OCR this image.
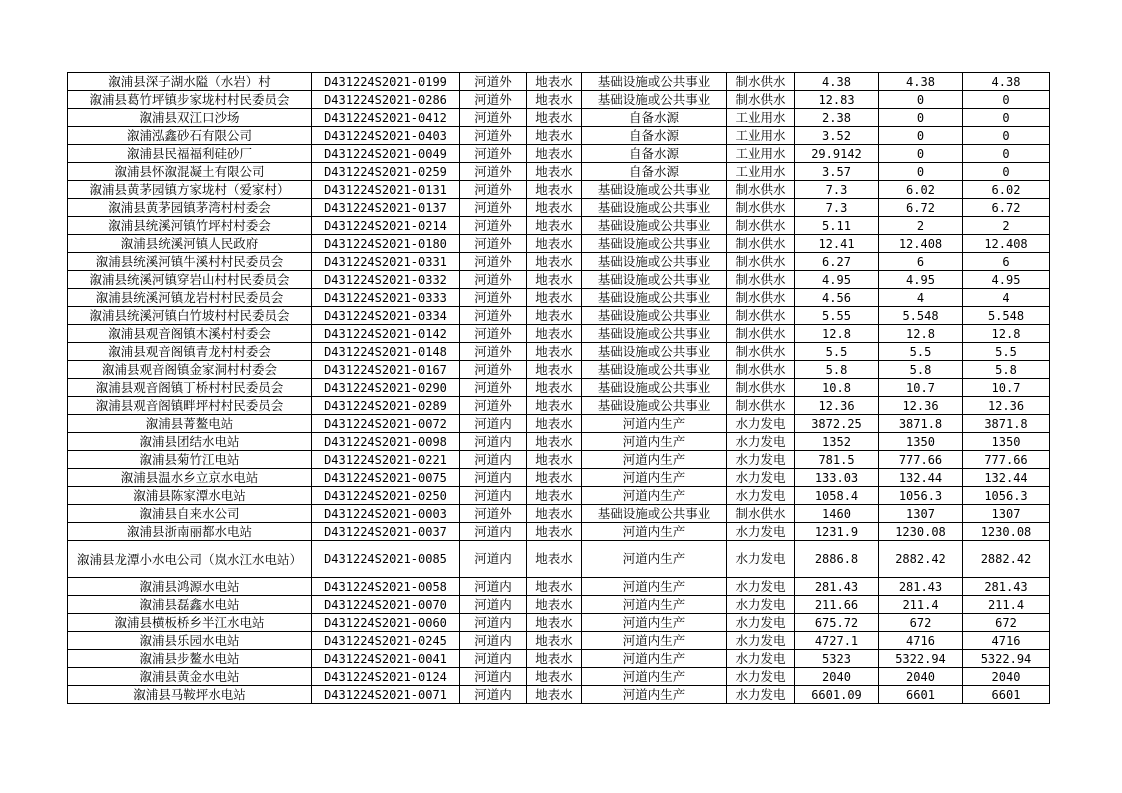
溆浦县深子湖水隘（水岩）村	D431224S2021-0199	河道外	地表水	基础设施或公共事业	制水供水	4.38	4.38	4.38
溆浦县葛竹坪镇步家垅村村民委员会	D431224S2021-0286	河道外	地表水	基础设施或公共事业	制水供水	12.83	0	0
溆浦县双江口沙场	D431224S2021-0412	河道外	地表水	自备水源	工业用水	2.38	0	0
溆浦泓鑫砂石有限公司	D431224S2021-0403	河道外	地表水	自备水源	工业用水	3.52	0	0
溆浦县民福福利硅砂厂	D431224S2021-0049	河道外	地表水	自备水源	工业用水	29.9142	0	0
溆浦县怀溆混凝土有限公司	D431224S2021-0259	河道外	地表水	自备水源	工业用水	3.57	0	0
溆浦县黄茅园镇方家垅村（爱家村）	D431224S2021-0131	河道外	地表水	基础设施或公共事业	制水供水	7.3	6.02	6.02
溆浦县黄茅园镇茅湾村村委会	D431224S2021-0137	河道外	地表水	基础设施或公共事业	制水供水	7.3	6.72	6.72
溆浦县统溪河镇竹坪村村委会	D431224S2021-0214	河道外	地表水	基础设施或公共事业	制水供水	5.11	2	2
溆浦县统溪河镇人民政府	D431224S2021-0180	河道外	地表水	基础设施或公共事业	制水供水	12.41	12.408	12.408
溆浦县统溪河镇牛溪村村民委员会	D431224S2021-0331	河道外	地表水	基础设施或公共事业	制水供水	6.27	6	6
溆浦县统溪河镇穿岩山村村民委员会	D431224S2021-0332	河道外	地表水	基础设施或公共事业	制水供水	4.95	4.95	4.95
溆浦县统溪河镇龙岩村村民委员会	D431224S2021-0333	河道外	地表水	基础设施或公共事业	制水供水	4.56	4	4
溆浦县统溪河镇白竹坡村村民委员会	D431224S2021-0334	河道外	地表水	基础设施或公共事业	制水供水	5.55	5.548	5.548
溆浦县观音阁镇木溪村村委会	D431224S2021-0142	河道外	地表水	基础设施或公共事业	制水供水	12.8	12.8	12.8
溆浦县观音阁镇青龙村村委会	D431224S2021-0148	河道外	地表水	基础设施或公共事业	制水供水	5.5	5.5	5.5
溆浦县观音阁镇金家洞村村委会	D431224S2021-0167	河道外	地表水	基础设施或公共事业	制水供水	5.8	5.8	5.8
溆浦县观音阁镇丁桥村村民委员会	D431224S2021-0290	河道外	地表水	基础设施或公共事业	制水供水	10.8	10.7	10.7
溆浦县观音阁镇畔坪村村民委员会	D431224S2021-0289	河道外	地表水	基础设施或公共事业	制水供水	12.36	12.36	12.36
溆浦县菁鳌电站	D431224S2021-0072	河道内	地表水	河道内生产	水力发电	3872.25	3871.8	3871.8
溆浦县团结水电站	D431224S2021-0098	河道内	地表水	河道内生产	水力发电	1352	1350	1350
溆浦县菊竹江电站	D431224S2021-0221	河道内	地表水	河道内生产	水力发电	781.5	777.66	777.66
溆浦县温水乡立京水电站	D431224S2021-0075	河道内	地表水	河道内生产	水力发电	133.03	132.44	132.44
溆浦县陈家潭水电站	D431224S2021-0250	河道内	地表水	河道内生产	水力发电	1058.4	1056.3	1056.3
溆浦县自来水公司	D431224S2021-0003	河道外	地表水	基础设施或公共事业	制水供水	1460	1307	1307
溆浦县浙南丽都水电站	D431224S2021-0037	河道内	地表水	河道内生产	水力发电	1231.9	1230.08	1230.08
溆浦县龙潭小水电公司（岚水江水电站）	D431224S2021-0085	河道内	地表水	河道内生产	水力发电	2886.8	2882.42	2882.42
溆浦县鸿源水电站	D431224S2021-0058	河道内	地表水	河道内生产	水力发电	281.43	281.43	281.43
溆浦县磊鑫水电站	D431224S2021-0070	河道内	地表水	河道内生产	水力发电	211.66	211.4	211.4
溆浦县横板桥乡半江水电站	D431224S2021-0060	河道内	地表水	河道内生产	水力发电	675.72	672	672
溆浦县乐园水电站	D431224S2021-0245	河道内	地表水	河道内生产	水力发电	4727.1	4716	4716
溆浦县步鳌水电站	D431224S2021-0041	河道内	地表水	河道内生产	水力发电	5323	5322.94	5322.94
溆浦县黄金水电站	D431224S2021-0124	河道内	地表水	河道内生产	水力发电	2040	2040	2040
溆浦县马鞍坪水电站	D431224S2021-0071	河道内	地表水	河道内生产	水力发电	6601.09	6601	6601
